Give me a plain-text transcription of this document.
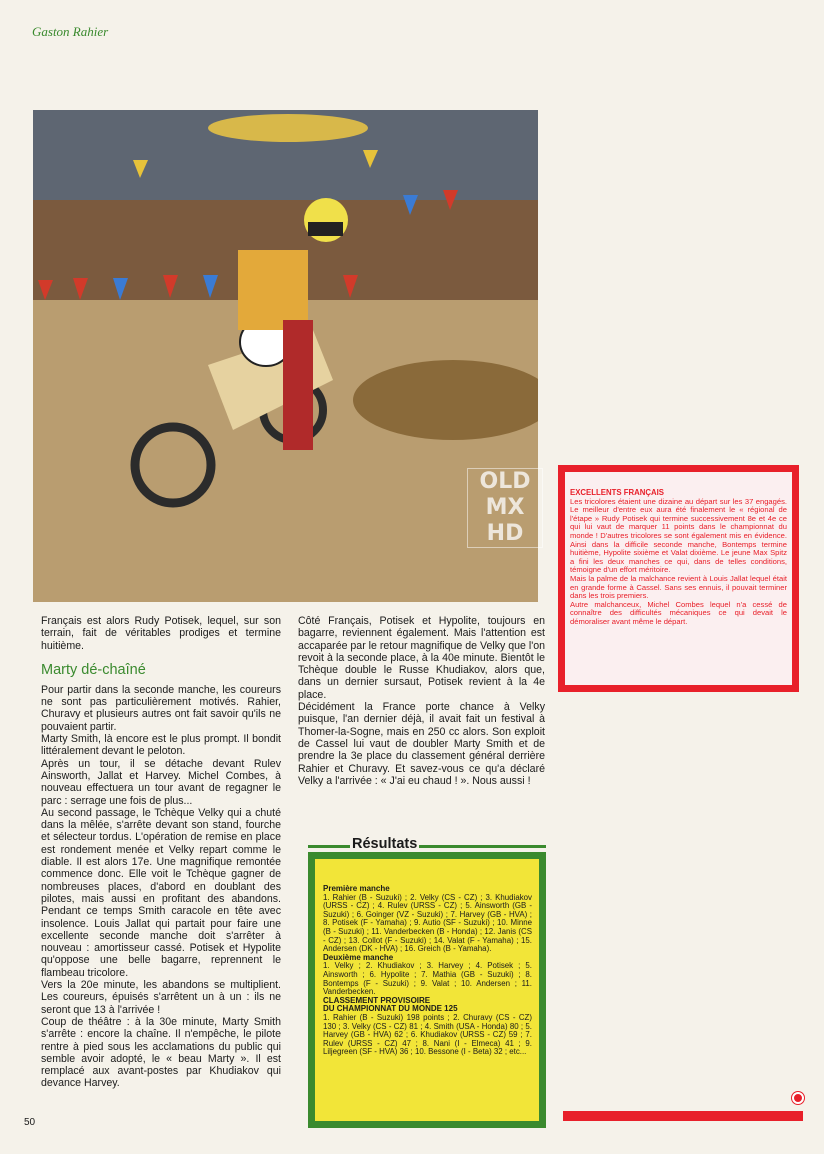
Gaston Rahier
OLD
MX
HD

Français est alors Rudy Potisek, lequel, sur son terrain, fait de véritables prodiges et termine huitième.

Marty dé-chaîné

Pour partir dans la seconde manche, les coureurs ne sont pas particulièrement motivés. Rahier, Churavy et plusieurs autres ont fait savoir qu'ils ne pouvaient partir.

Marty Smith, là encore est le plus prompt. Il bondit littéralement devant le peloton.

Après un tour, il se détache devant Rulev Ainsworth, Jallat et Harvey. Michel Combes, à nouveau effectuera un tour avant de regagner le parc : serrage une fois de plus...

Au second passage, le Tchèque Velky qui a chuté dans la mêlée, s'arrête devant son stand, fourche et sélecteur tordus. L'opération de remise en place est rondement menée et Velky repart comme le diable. Il est alors 17e. Une magnifique remontée commence donc. Elle voit le Tchèque gagner de nombreuses places, d'abord en doublant des pilotes, mais aussi en profitant des abandons. Pendant ce temps Smith caracole en tête avec insolence. Louis Jallat qui partait pour faire une excellente seconde manche doit s'arrêter à nouveau : amortisseur cassé. Potisek et Hypolite qu'oppose une belle bagarre, reprennent le flambeau tricolore.

Vers la 20e minute, les abandons se multiplient. Les coureurs, épuisés s'arrêtent un à un : ils ne seront que 13 à l'arrivée !

Coup de théâtre : à la 30e minute, Marty Smith s'arrête : encore la chaîne. Il n'empêche, le pilote rentre à pied sous les acclamations du public qui semble avoir adopté, le « beau Marty ». Il est remplacé aux avant-postes par Khudiakov qui devance Harvey.

Côté Français, Potisek et Hypolite, toujours en bagarre, reviennent également. Mais l'attention est accaparée par le retour magnifique de Velky que l'on revoit à la seconde place, à la 40e minute. Bientôt le Tchèque double le Russe Khudiakov, alors que, dans un dernier sursaut, Potisek revient à la 4e place.

Décidément la France porte chance à Velky puisque, l'an dernier déjà, il avait fait un festival à Thomer-la-Sogne, mais en 250 cc alors. Son exploit de Cassel lui vaut de doubler Marty Smith et de prendre la 3e place du classement général derrière Rahier et Churavy. Et savez-vous ce qu'a déclaré Velky a l'arrivée : « J'ai eu chaud ! ». Nous aussi !

EXCELLENTS FRANÇAIS

Les tricolores étaient une dizaine au départ sur les 37 engagés. Le meilleur d'entre eux aura été finalement le « régional de l'étape » Rudy Potisek qui termine successivement 8e et 4e ce qui lui vaut de marquer 11 points dans le championnat du monde ! D'autres tricolores se sont également mis en évidence. Ainsi dans la difficile seconde manche, Bontemps termine huitième, Hypolite sixième et Valat dixième. Le jeune Max Spitz a fini les deux manches ce qui, dans de telles conditions, témoigne d'un effort méritoire.

Mais la palme de la malchance revient à Louis Jallat lequel était en grande forme à Cassel. Sans ses ennuis, il pouvait terminer dans les trois premiers.

Autre malchanceux, Michel Combes lequel n'a cessé de connaître des difficultés mécaniques ce qui devait le démoraliser avant même le départ.

Résultats
Première manche

1. Rahier (B - Suzuki) ; 2. Velky (CS - CZ) ; 3. Khudiakov (URSS - CZ) ; 4. Rulev (URSS - CZ) ; 5. Ainsworth (GB - Suzuki) ; 6. Goinger (VZ - Suzuki) ; 7. Harvey (GB - HVA) ; 8. Potisek (F - Yamaha) ; 9. Autio (SF - Suzuki) ; 10. Minne (B - Suzuki) ; 11. Vanderbecken (B - Honda) ; 12. Janis (CS - CZ) ; 13. Collot (F - Suzuki) ; 14. Valat (F - Yamaha) ; 15. Andersen (DK - HVA) ; 16. Greich (B - Yamaha).

Deuxième manche

1. Velky ; 2. Khudiakov ; 3. Harvey ; 4. Potisek ; 5. Ainsworth ; 6. Hypolite ; 7. Mathia (GB - Suzuki) ; 8. Bontemps (F - Suzuki) ; 9. Valat ; 10. Andersen ; 11. Vanderbecken.

CLASSEMENT PROVISOIRE
DU CHAMPIONNAT DU MONDE 125

1. Rahier (B - Suzuki) 198 points ; 2. Churavy (CS - CZ) 130 ; 3. Velky (CS - CZ) 81 ; 4. Smith (USA - Honda) 80 ; 5. Harvey (GB - HVA) 62 ; 6. Khudiakov (URSS - CZ) 59 ; 7. Rulev (URSS - CZ) 47 ; 8. Nani (I - Elmeca) 41 ; 9. Liljegreen (SF - HVA) 36 ; 10. Bessone (I - Beta) 32 ; etc...

50
